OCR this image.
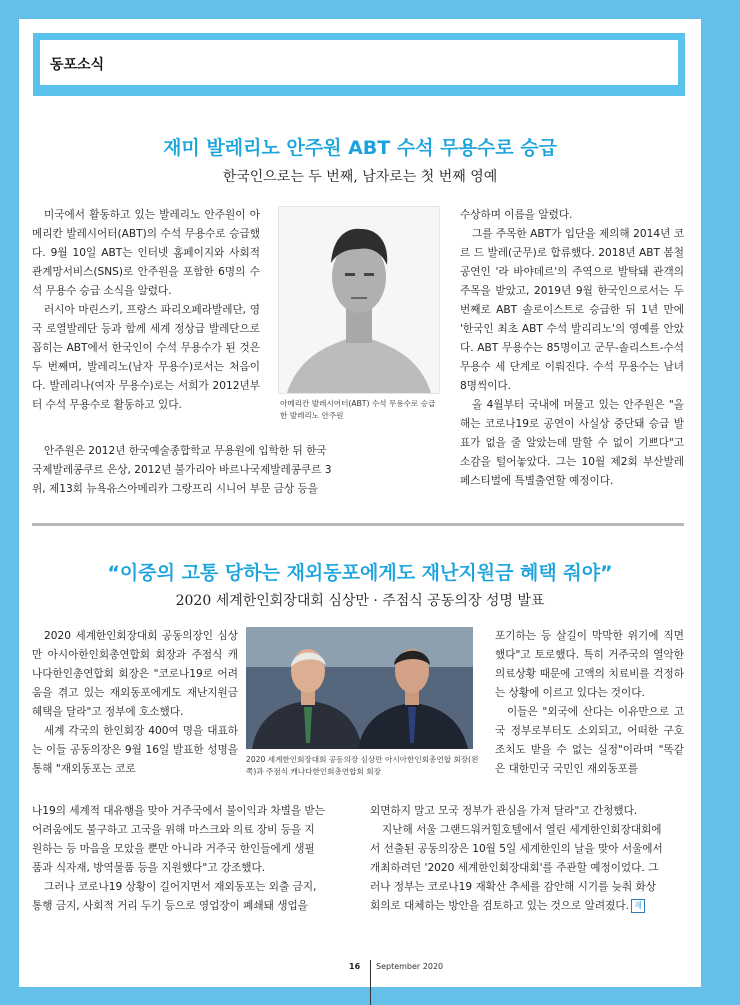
동포소식
재미 발레리노 안주원 ABT 수석 무용수로 승급
한국인으로는 두 번째, 남자로는 첫 번째 영예

미국에서 활동하고 있는 발레리노 안주원이 아메리칸 발레시어터(ABT)의 수석 무용수로 승급했다. 9월 10일 ABT는 인터넷 홈페이지와 사회적관계망서비스(SNS)로 안주원을 포함한 6명의 수석 무용수 승급 소식을 알렸다.

러시아 마린스키, 프랑스 파리오페라발레단, 영국 로열발레단 등과 함께 세계 정상급 발레단으로 꼽히는 ABT에서 한국인이 수석 무용수가 된 것은 두 번째며, 발레리노(남자 무용수)로서는 처음이다. 발레리나(여자 무용수)로는 서희가 2012년부터 수석 무용수로 활동하고 있다.	아메리칸 발레시어터(ABT) 수석 무용수로 승급한 발레리노 안주원

수상하며 이름을 알렸다.

그를 주목한 ABT가 입단을 제의해 2014년 코르 드 발레(군무)로 합류했다. 2018년 ABT 봄철 공연인 '라 바야데르'의 주역으로 발탁돼 관객의 주목을 받았고, 2019년 9월 한국인으로서는 두 번째로 ABT 솔로이스트로 승급한 뒤 1년 만에 '한국인 최초 ABT 수석 발리리노'의 영예를 안았다. ABT 무용수는 85명이고 군무-솔리스트-수석 무용수 세 단계로 이뤄진다. 수석 무용수는 남녀 8명씩이다.

올 4월부터 국내에 머물고 있는 안주원은 "올해는 코로나19로 공연이 사실상 중단돼 승급 발표가 없을 줄 알았는데 말할 수 없이 기쁘다"고 소감을 털어놓았다. 그는 10월 제2회 부산발레페스티벌에 특별출연할 예정이다.

안주원은 2012년 한국예술종합학교 무용원에 입학한 뒤 한국
국제발레콩쿠르 은상, 2012년 불가리아 바르나국제발레콩쿠르 3
위, 제13회 뉴욕유스아메리카 그랑프리 시니어 부문 금상 등을
“이중의 고통 당하는 재외동포에게도 재난지원금 혜택 줘야”
2020 세계한인회장대회 심상만 · 주점식 공동의장 성명 발표

2020 세계한인회장대회 공동의장인 심상만 아시아한인회총연합회 회장과 주점식 캐나다한인총연합회 회장은 "코로나19로 어려움을 겪고 있는 재외동포에게도 재난지원금 혜택을 달라"고 정부에 호소했다.

세계 각국의 한인회장 400여 명을 대표하는 이들 공동의장은 9월 16일 발표한 성명을 통해 "재외동포는 코로

2020 세계한인회장대회 공동의장 심상만 아시아한인회총연합 회장(왼쪽)과 주점식 캐나다한인회총연합회 회장

포기하는 등 살길이 막막한 위기에 직면했다"고 토로했다. 특히 거주국의 열악한 의료상황 때문에 고액의 치료비를 걱정하는 상황에 이르고 있다는 것이다.

이들은 "외국에 산다는 이유만으로 고국 정부로부터도 소외되고, 어떠한 구호 조치도 받을 수 없는 실정"이라며 "똑같은 대한민국 국민인 재외동포를

나19의 세계적 대유행을 맞아 거주국에서 불이익과 차별을 받는
어려움에도 불구하고 고국을 위해 마스크와 의료 장비 등을 지
원하는 등 마음을 모았을 뿐만 아니라 거주국 한인들에게 생필
품과 식자재, 방역물품 등을 지원했다"고 강조했다.
그러나 코로나19 상황이 길어지면서 재외동포는 외출 금지,
통행 금지, 사회적 거리 두기 등으로 영업장이 폐쇄돼 생업을
외면하지 말고 모국 정부가 관심을 가져 달라"고 간청했다.
지난해 서울 그랜드워커힐호텔에서 열린 세계한인회장대회에
서 선출된 공동의장은 10월 5일 세계한인의 날을 맞아 서울에서
개최하려던 '2020 세계한인회장대회'를 주관할 예정이었다. 그
러나 정부는 코로나19 재확산 추세를 감안해 시기를 늦춰 화상
회의로 대체하는 방안을 검토하고 있는 것으로 알려졌다. 재
16 September 2020
